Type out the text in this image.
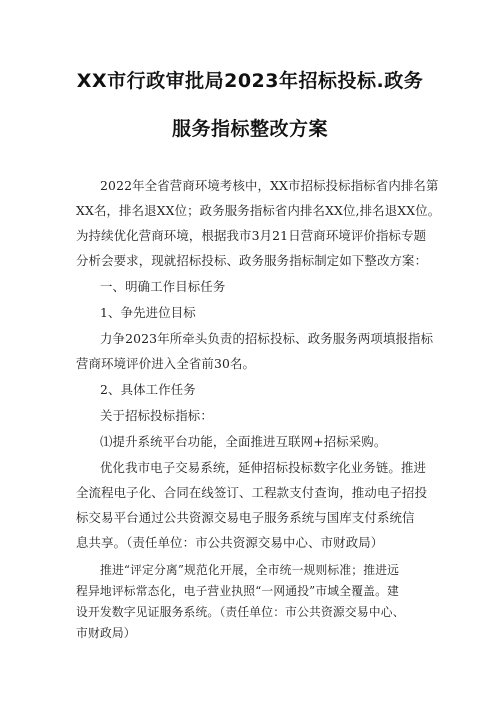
XX市行政审批局2023年招标投标.政务
服务指标整改方案
2022年全省营商环境考核中，XX市招标投标指标省内排名第
XX名，排名退XX位；政务服务指标省内排名XX位,排名退XX位。
为持续优化营商环境，根据我市3月21日营商环境评价指标专题
分析会要求，现就招标投标、政务服务指标制定如下整改方案：
一、明确工作目标任务
1、争先进位目标
力争2023年所牵头负责的招标投标、政务服务两项填报指标
营商环境评价进入全省前30名。
2、具体工作任务
关于招标投标指标：
⑴提升系统平台功能，全面推进互联网+招标采购。
优化我市电子交易系统，延伸招标投标数字化业务链。推进
全流程电子化、合同在线签订、工程款支付查询，推动电子招投
标交易平台通过公共资源交易电子服务系统与国库支付系统信
息共享。（责任单位：市公共资源交易中心、市财政局）
推进“评定分离”规范化开展，全市统一规则标准；推进远
程异地评标常态化，电子营业执照“一网通投”市域全覆盖。建
设开发数字见证服务系统。（责任单位：市公共资源交易中心、
市财政局）
